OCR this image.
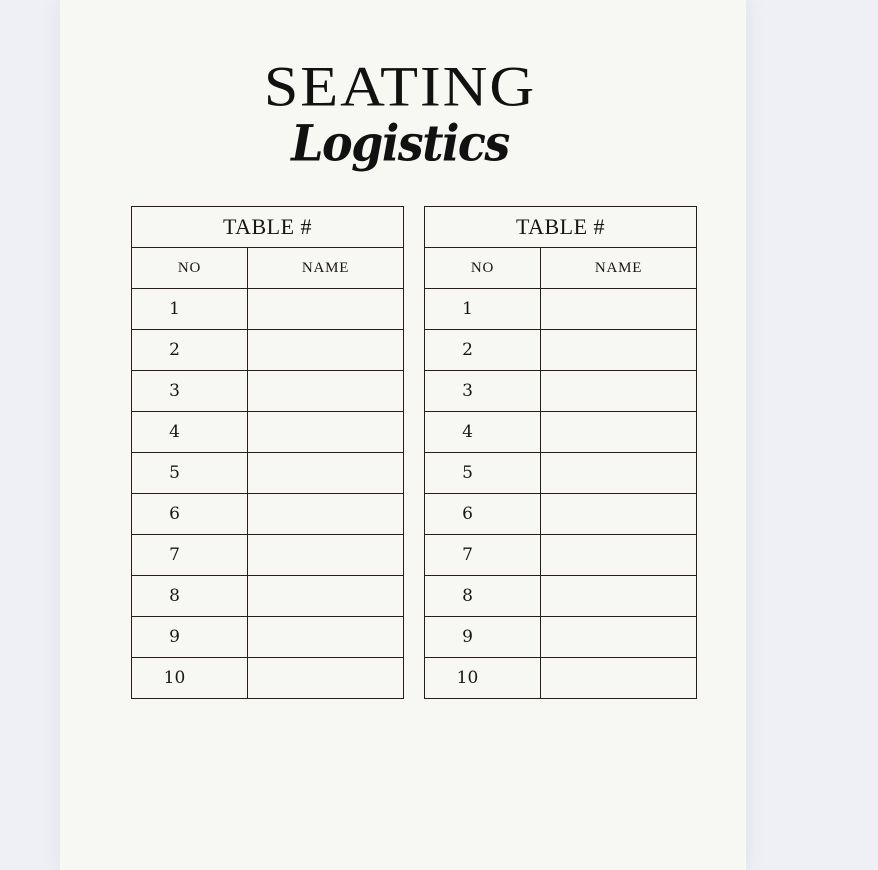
SEATING
Logistics
TABLE #	
NO	NAME
1	
2	
3	
4	
5	
6	
7	
8	
9	
10	
TABLE #	
NO	NAME
1	
2	
3	
4	
5	
6	
7	
8	
9	
10	
